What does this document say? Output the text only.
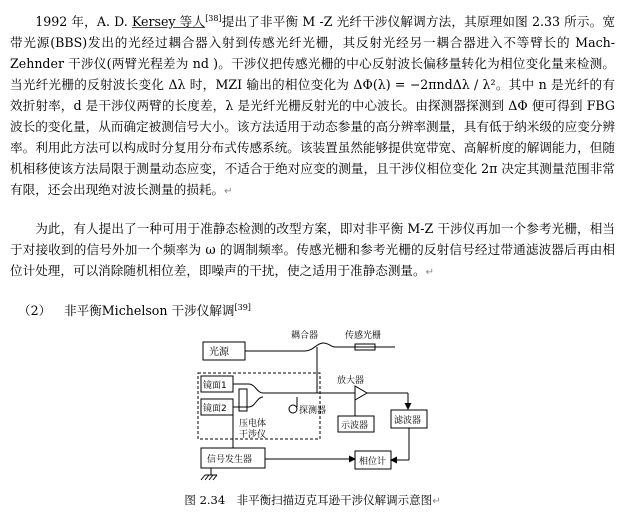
1992 年，A. D. Kersey 等人[38]提出了非平衡 M -Z 光纤干涉仪解调方法，其原理如图 2.33 所示。宽带光源(BBS)发出的光经过耦合器入射到传感光纤光栅，其反射光经另一耦合器进入不等臂长的 Mach-Zehnder 干涉仪(两臂光程差为 nd )。干涉仪把传感光栅的中心反射波长偏移量转化为相位变化量来检测。当光纤光栅的反射波长变化 Δλ 时，MZI 输出的相位变化为 ΔΦ(λ) = −2πndΔλ / λ²。其中 n 是光纤的有效折射率，d 是干涉仪两臂的长度差，λ 是光纤光栅反射光的中心波长。由探测器探测到 ΔΦ 便可得到 FBG 波长的变化量，从而确定被测信号大小。该方法适用于动态参量的高分辨率测量，具有低于纳米级的应变分辨率。利用此方法可以构成时分复用分布式传感系统。该装置虽然能够提供宽带宽、高解析度的解调能力，但随机相移使该方法局限于测量动态应变，不适合于绝对应变的测量，且干涉仪相位变化 2π 决定其测量范围非常有限，还会出现绝对波长测量的损耗。↵

为此，有人提出了一种可用于准静态检测的改型方案，即对非平衡 M-Z 干涉仪再加一个参考光栅，相当于对接收到的信号外加一个频率为 ω 的调制频率。传感光栅和参考光栅的反射信号经过带通滤波器后再由相位计处理，可以消除随机相位差，即噪声的干扰，使之适用于准静态测量。↵

（2） 非平衡Michelson 干涉仪解调[39]

光源
耦合器	传感光栅
镜面1
镜面2
压电体
干涉仪
放大器
探测器
示波器	滤波器
信号发生器	相位计

图 2.34　非平衡扫描迈克耳逊干涉仪解调示意图↵
